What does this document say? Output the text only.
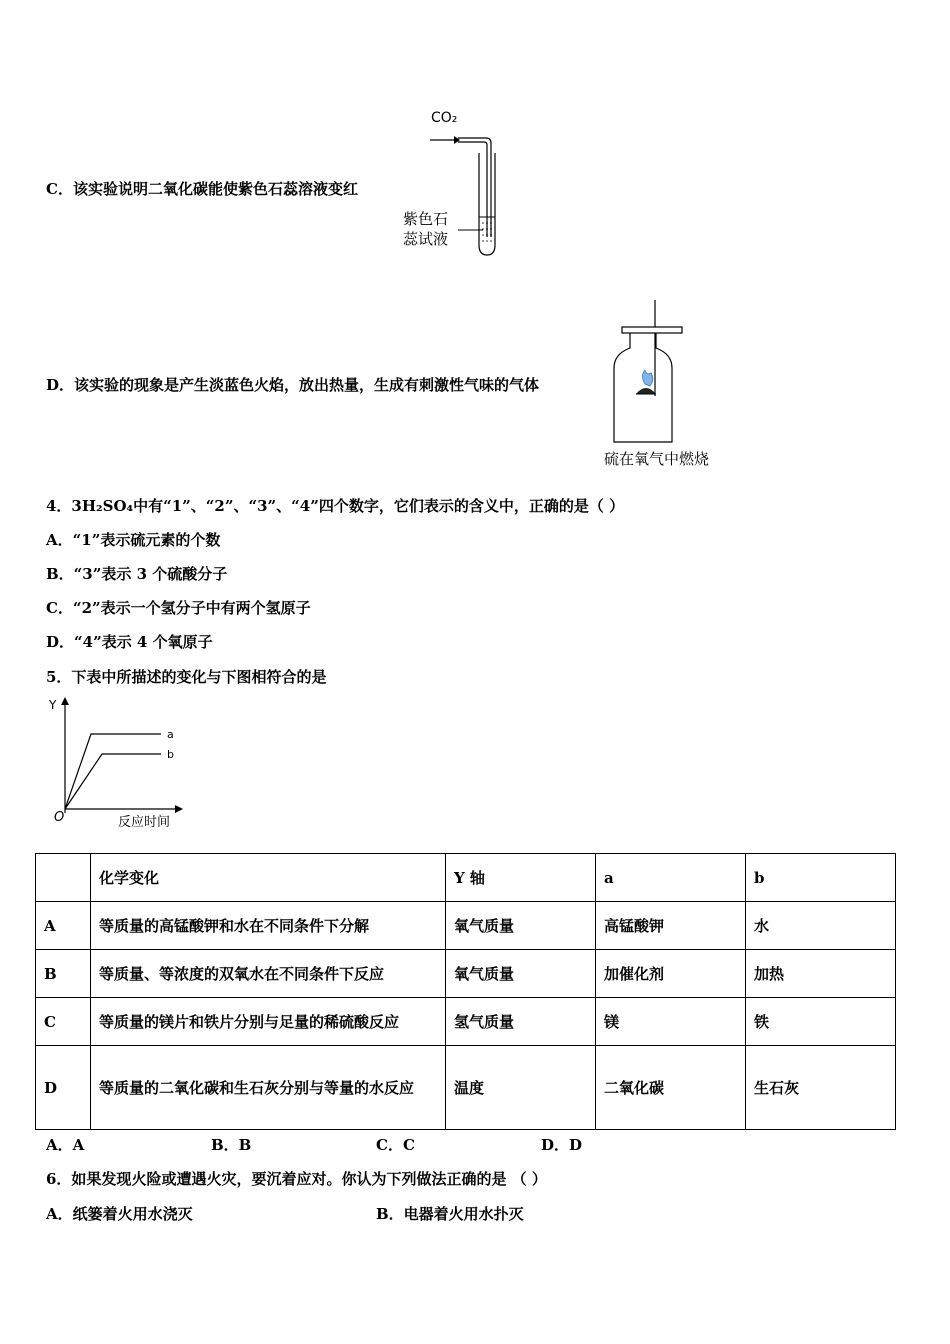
C．该实验说明二氧化碳能使紫色石蕊溶液变红
CO₂
紫色石
蕊试液
D．该实验的现象是产生淡蓝色火焰，放出热量，生成有刺激性气味的气体
硫在氧气中燃烧
4．3H₂SO₄中有“1”、“2”、“3”、“4”四个数字，它们表示的含义中，正确的是（ ）
A．“1”表示硫元素的个数
B．“3”表示 3 个硫酸分子
C．“2”表示一个氢分子中有两个氢原子
D．“4”表示 4 个氧原子
5．下表中所描述的变化与下图相符合的是
Y
O	反应时间
a
b
	化学变化	Y 轴	a	b
A	等质量的高锰酸钾和水在不同条件下分解	氧气质量	高锰酸钾	水
B	等质量、等浓度的双氧水在不同条件下反应	氧气质量	加催化剂	加热
C	等质量的镁片和铁片分别与足量的稀硫酸反应	氢气质量	镁	铁
D	等质量的二氧化碳和生石灰分别与等量的水反应	温度	二氧化碳	生石灰
A．A	B．B	C．C	D．D
6．如果发现火险或遭遇火灾，要沉着应对。你认为下列做法正确的是 （ ）
A．纸篓着火用水浇灭	B．电器着火用水扑灭
